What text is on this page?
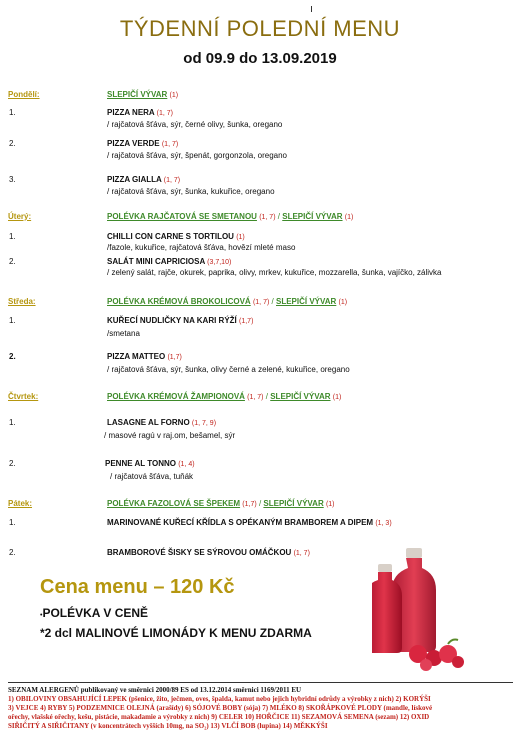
TÝDENNÍ POLEDNÍ MENU
od 09.9 do 13.09.2019
Pondělí:	SLEPIČÍ VÝVAR (1)
1.	PIZZA NERA (1, 7)
/ rajčatová šťáva, sýr, černé olivy, šunka, oregano
2.	PIZZA VERDE (1, 7)
/ rajčatová šťáva, sýr, špenát, gorgonzola, oregano
3.	PIZZA GIALLA (1, 7)
/ rajčatová šťáva, sýr, šunka, kukuřice, oregano
Úterý:	POLÉVKA RAJČATOVÁ SE SMETANOU (1, 7) / SLEPIČÍ VÝVAR (1)
1.	CHILLI CON CARNE S TORTILOU (1)
/fazole, kukuřice, rajčatová šťáva, hovězí mleté maso
2.	SALÁT MINI CAPRICIOSA (3,7,10)
/ zelený salát, rajče, okurek, paprika, olivy, mrkev, kukuřice, mozzarella, šunka, vajíčko, zálivka
Středa:	POLÉVKA KRÉMOVÁ BROKOLICOVÁ (1, 7) / SLEPIČÍ VÝVAR (1)
1.	KUŘECÍ NUDLIČKY NA KARI RÝŽÍ (1,7)
/smetana
2.	PIZZA MATTEO (1,7)
/ rajčatová šťáva, sýr, šunka, olivy černé a zelené, kukuřice, oregano
Čtvrtek:	POLÉVKA KRÉMOVÁ ŽAMPIONOVÁ (1, 7) / SLEPIČÍ VÝVAR (1)
1.	LASAGNE AL FORNO (1, 7, 9)
/ masové ragú v raj.om, bešamel, sýr
2.	PENNE AL TONNO (1, 4)
/ rajčatová šťáva, tuňák
Pátek:	POLÉVKA FAZOLOVÁ SE ŠPEKEM (1,7) / SLEPIČÍ VÝVAR (1)
1.	MARINOVANÉ KUŘECÍ KŘÍDLA S OPÉKANÝM BRAMBOREM A DIPEM (1, 3)
2.	BRAMBOROVÉ ŠISKY SE SÝROVOU OMÁČKOU (1, 7)
Cena menu – 120 Kč
•POLÉVKA V CENĚ
*2 dcl MALINOVÉ LIMONÁDY K MENU ZDARMA
SEZNAM ALERGENŮ publikovaný ve směrnici 2000/89 ES od 13.12.2014 směrnici 1169/2011 EU
1) OBILOVINY OBSAHUJÍCÍ LEPEK (pšenice, žito, ječmen, oves, špalda, kamut nebo jejich hybridní odrůdy a výrobky z nich) 2) KORÝŠI
3) VEJCE 4) RYBY 5) PODZEMNICE OLEJNÁ (arašídy) 6) SÓJOVÉ BOBY (sója) 7) MLÉKO 8) SKOŘÁPKOVÉ PLODY (mandle, lískové
ořechy, vlašské ořechy, kešu, pistácie, makadamie a výrobky z nich) 9) CELER 10) HOŘČICE 11) SEZAMOVÁ SEMENA (sezam) 12) OXID
SIŘIČITÝ A SIŘIČITANY (v koncentrátech vyšších 10mg, na SO₂) 13) VLČÍ BOB (lupina) 14) MĚKKÝŠI
